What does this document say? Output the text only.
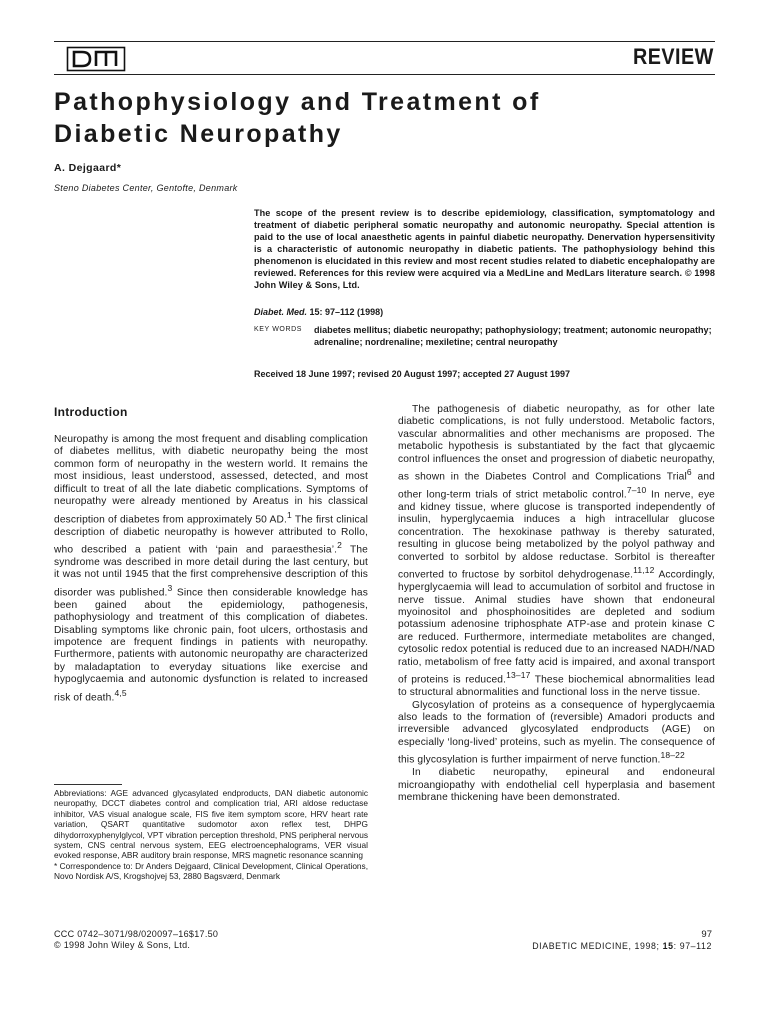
REVIEW
Pathophysiology and Treatment of
Diabetic Neuropathy
A. Dejgaard*
Steno Diabetes Center, Gentofte, Denmark

The scope of the present review is to describe epidemiology, classification, symptomatology and treatment of diabetic peripheral somatic neuropathy and autonomic neuropathy. Special attention is paid to the use of local anaesthetic agents in painful diabetic neuropathy. Denervation hypersensitivity is a characteristic of autonomic neuropathy in diabetic patients. The pathophysiology behind this phenomenon is elucidated in this review and most recent studies related to diabetic encephalopathy are reviewed. References for this review were acquired via a MedLine and MedLars literature search. © 1998 John Wiley & Sons, Ltd.

Diabet. Med. 15: 97–112 (1998)
KEY WORDS diabetes mellitus; diabetic neuropathy; pathophysiology; treatment; autonomic neuropathy; adrenaline; nordrenaline; mexiletine; central neuropathy

Received 18 June 1997; revised 20 August 1997; accepted 27 August 1997
Introduction

Neuropathy is among the most frequent and disabling complication of diabetes mellitus, with diabetic neuropathy being the most common form of neuropathy in the western world. It remains the most insidious, least understood, assessed, detected, and most difficult to treat of all the late diabetic complications. Symptoms of neuropathy were already mentioned by Areatus in his classical description of diabetes from approximately 50 AD.$^1$ The first clinical description of diabetic neuropathy is however attributed to Rollo, who described a patient with ‘pain and paraesthesia’.$^2$ The syndrome was described in more detail during the last century, but it was not until 1945 that the first comprehensive description of this disorder was published.$^3$ Since then considerable knowledge has been gained about the epidemiology, pathogenesis, pathophysiology and treatment of this complication of diabetes. Disabling symptoms like chronic pain, foot ulcers, orthostasis and impotence are frequent findings in patients with neuropathy. Furthermore, patients with autonomic neuropathy are characterized by maladaptation to everyday situations like exercise and hypoglycaemia and autonomic dysfunction is related to increased risk of death.$^{4,5}$

The pathogenesis of diabetic neuropathy, as for other late diabetic complications, is not fully understood. Metabolic factors, vascular abnormalities and other mechanisms are proposed. The metabolic hypothesis is substantiated by the fact that glycaemic control influences the onset and progression of diabetic neuropathy, as shown in the Diabetes Control and Complications Trial$^6$ and other long-term trials of strict metabolic control.$^{7-10}$ In nerve, eye and kidney tissue, where glucose is transported independently of insulin, hyperglycaemia induces a high intracellular glucose concentration. The hexokinase pathway is thereby saturated, resulting in glucose being metabolized by the polyol pathway and converted to sorbitol by aldose reductase. Sorbitol is thereafter converted to fructose by sorbitol dehydrogenase.$^{11,12}$ Accordingly, hyperglycaemia will lead to accumulation of sorbitol and fructose in nerve tissue. Animal studies have shown that endoneural myoinositol and phosphoinositides are depleted and sodium potassium adenosine triphosphate ATP-ase and protein kinase C are reduced. Furthermore, intermediate metabolites are changed, cytosolic redox potential is reduced due to an increased NADH/NAD ratio, metabolism of free fatty acid is impaired, and axonal transport of proteins is reduced.$^{13-17}$ These biochemical abnormalities lead to structural abnormalities and functional loss in the nerve tissue.

Glycosylation of proteins as a consequence of hyperglycaemia also leads to the formation of (reversible) Amadori products and irreversible advanced glycosylated endproducts (AGE) on especially ‘long-lived’ proteins, such as myelin. The consequence of this glycosylation is further impairment of nerve function.$^{18-22}$

In diabetic neuropathy, epineural and endoneural microangiopathy with endothelial cell hyperplasia and basement membrane thickening have been demonstrated.

Abbreviations: AGE advanced glycasylated endproducts, DAN diabetic autonomic neuropathy, DCCT diabetes control and complication trial, ARI aldose reductase inhibitor, VAS visual analogue scale, FIS five item symptom score, HRV heart rate variation, QSART quantitative sudomotor axon reflex test, DHPG dihydorroxyphenylglycol, VPT vibration perception threshold, PNS peripheral nervous system, CNS central nervous system, EEG electroencephalograms, VER visual evoked response, ABR auditory brain response, MRS magnetic resonance scanning

* Correspondence to: Dr Anders Dejgaard, Clinical Development, Clinical Operations, Novo Nordisk A/S, Krogshojvej 53, 2880 Bagsværd, Denmark

CCC 0742–3071/98/020097–16$17.50
© 1998 John Wiley & Sons, Ltd.
97
DIABETIC MEDICINE, 1998; 15: 97–112
